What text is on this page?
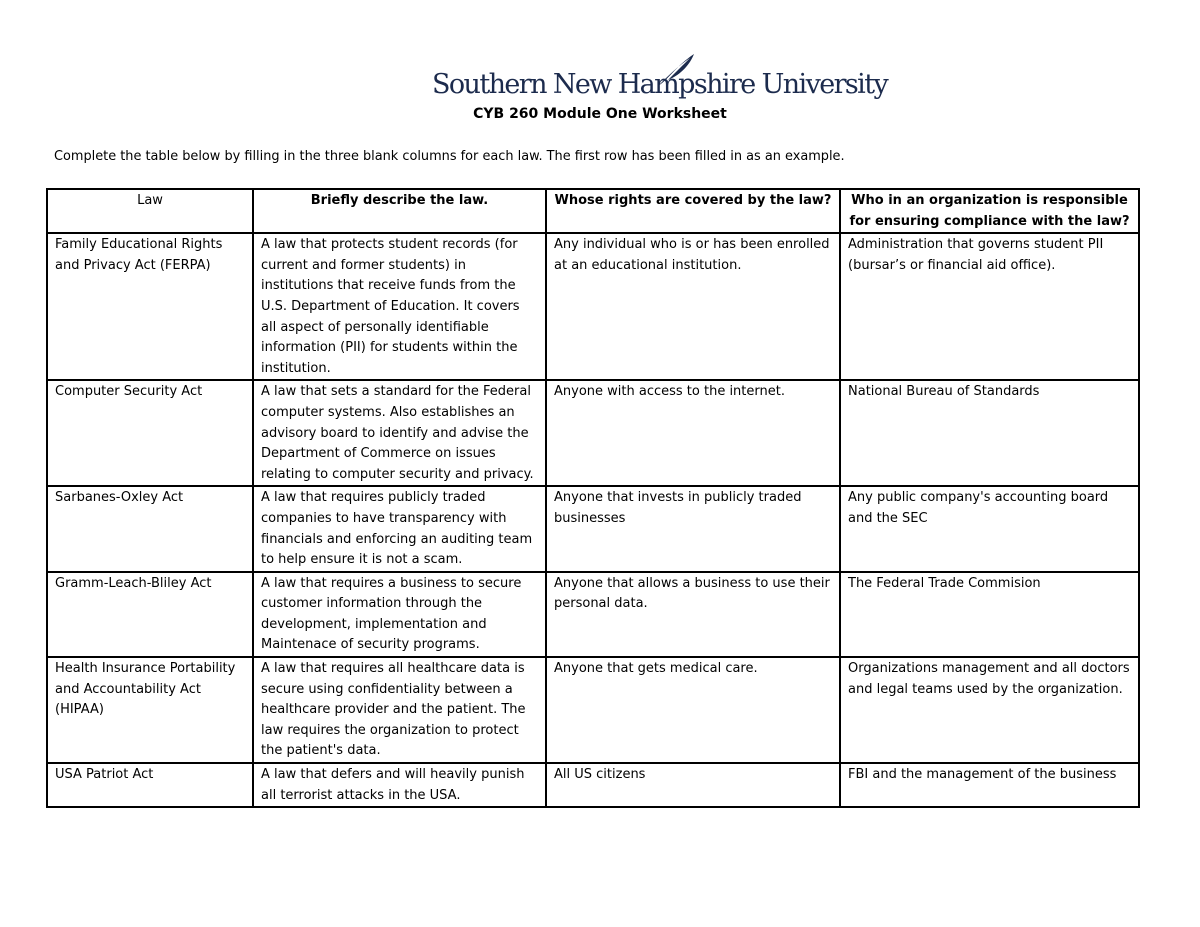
Southern New Hampshire University
CYB 260 Module One Worksheet
Complete the table below by filling in the three blank columns for each law. The first row has been filled in as an example.
Law	Briefly describe the law.	Whose rights are covered by the law?	Who in an organization is responsible for ensuring compliance with the law?
Family Educational Rights and Privacy Act (FERPA)	A law that protects student records (for current and former students) in institutions that receive funds from the U.S. Department of Education. It covers all aspect of personally identifiable information (PII) for students within the institution.	Any individual who is or has been enrolled at an educational institution.	Administration that governs student PII (bursar’s or financial aid office).
Computer Security Act	A law that sets a standard for the Federal computer systems. Also establishes an advisory board to identify and advise the Department of Commerce on issues relating to computer security and privacy.	Anyone with access to the internet.	National Bureau of Standards
Sarbanes-Oxley Act	A law that requires publicly traded companies to have transparency with financials and enforcing an auditing team to help ensure it is not a scam.	Anyone that invests in publicly traded businesses	Any public company's accounting board and the SEC
Gramm-Leach-Bliley Act	A law that requires a business to secure customer information through the development, implementation and Maintenace of security programs.	Anyone that allows a business to use their personal data.	The Federal Trade Commision
Health Insurance Portability and Accountability Act (HIPAA)	A law that requires all healthcare data is secure using confidentiality between a healthcare provider and the patient. The law requires the organization to protect the patient's data.	Anyone that gets medical care.	Organizations management and all doctors and legal teams used by the organization.
USA Patriot Act	A law that defers and will heavily punish all terrorist attacks in the USA.	All US citizens	FBI and the management of the business
